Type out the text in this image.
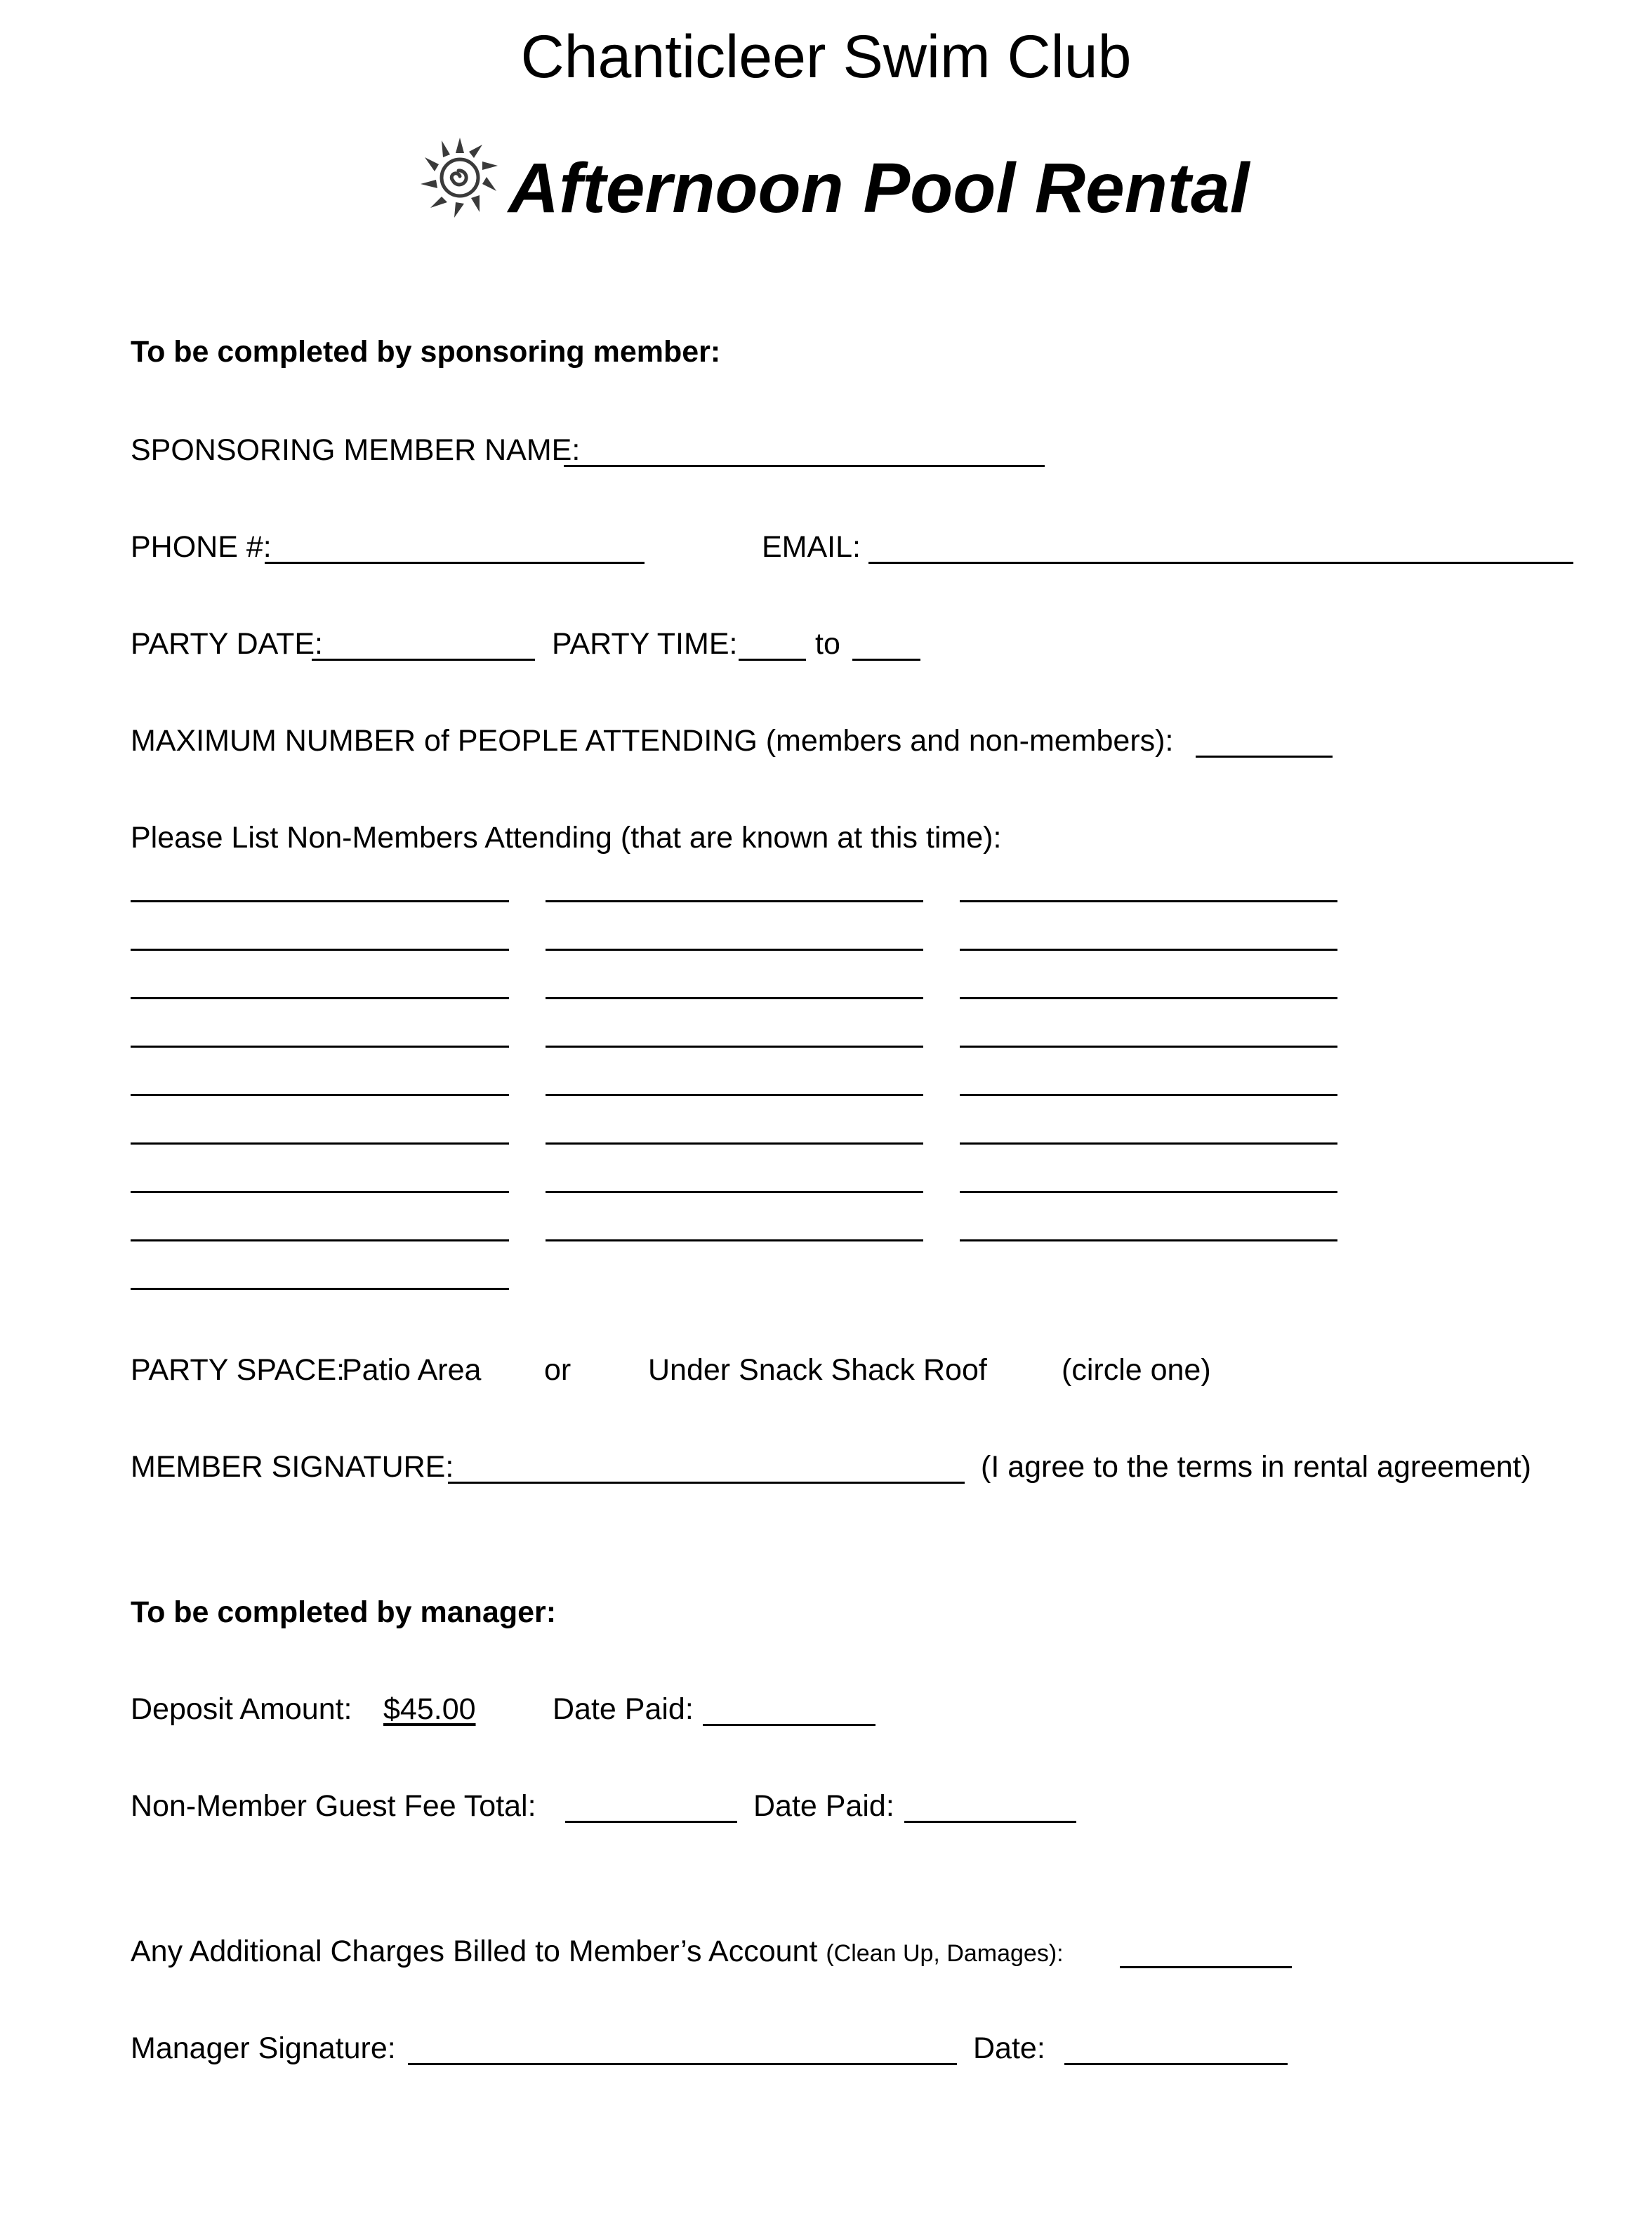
Chanticleer Swim Club
Afternoon Pool Rental
To be completed by sponsoring member:
SPONSORING MEMBER NAME:
PHONE #:	EMAIL:
PARTY DATE:	PARTY TIME:	to
MAXIMUM NUMBER of PEOPLE ATTENDING (members and non-members):
Please List Non-Members Attending (that are known at this time):
PARTY SPACE:
Patio Area or	Under Snack Shack Roof (circle one)
MEMBER SIGNATURE:	(I agree to the terms in rental agreement)
To be completed by manager:
Deposit Amount: $45.00	Date Paid:
Non-Member Guest Fee Total:	Date Paid:
Any Additional Charges Billed to Member’s Account (Clean Up, Damages):
Manager Signature:	Date:
